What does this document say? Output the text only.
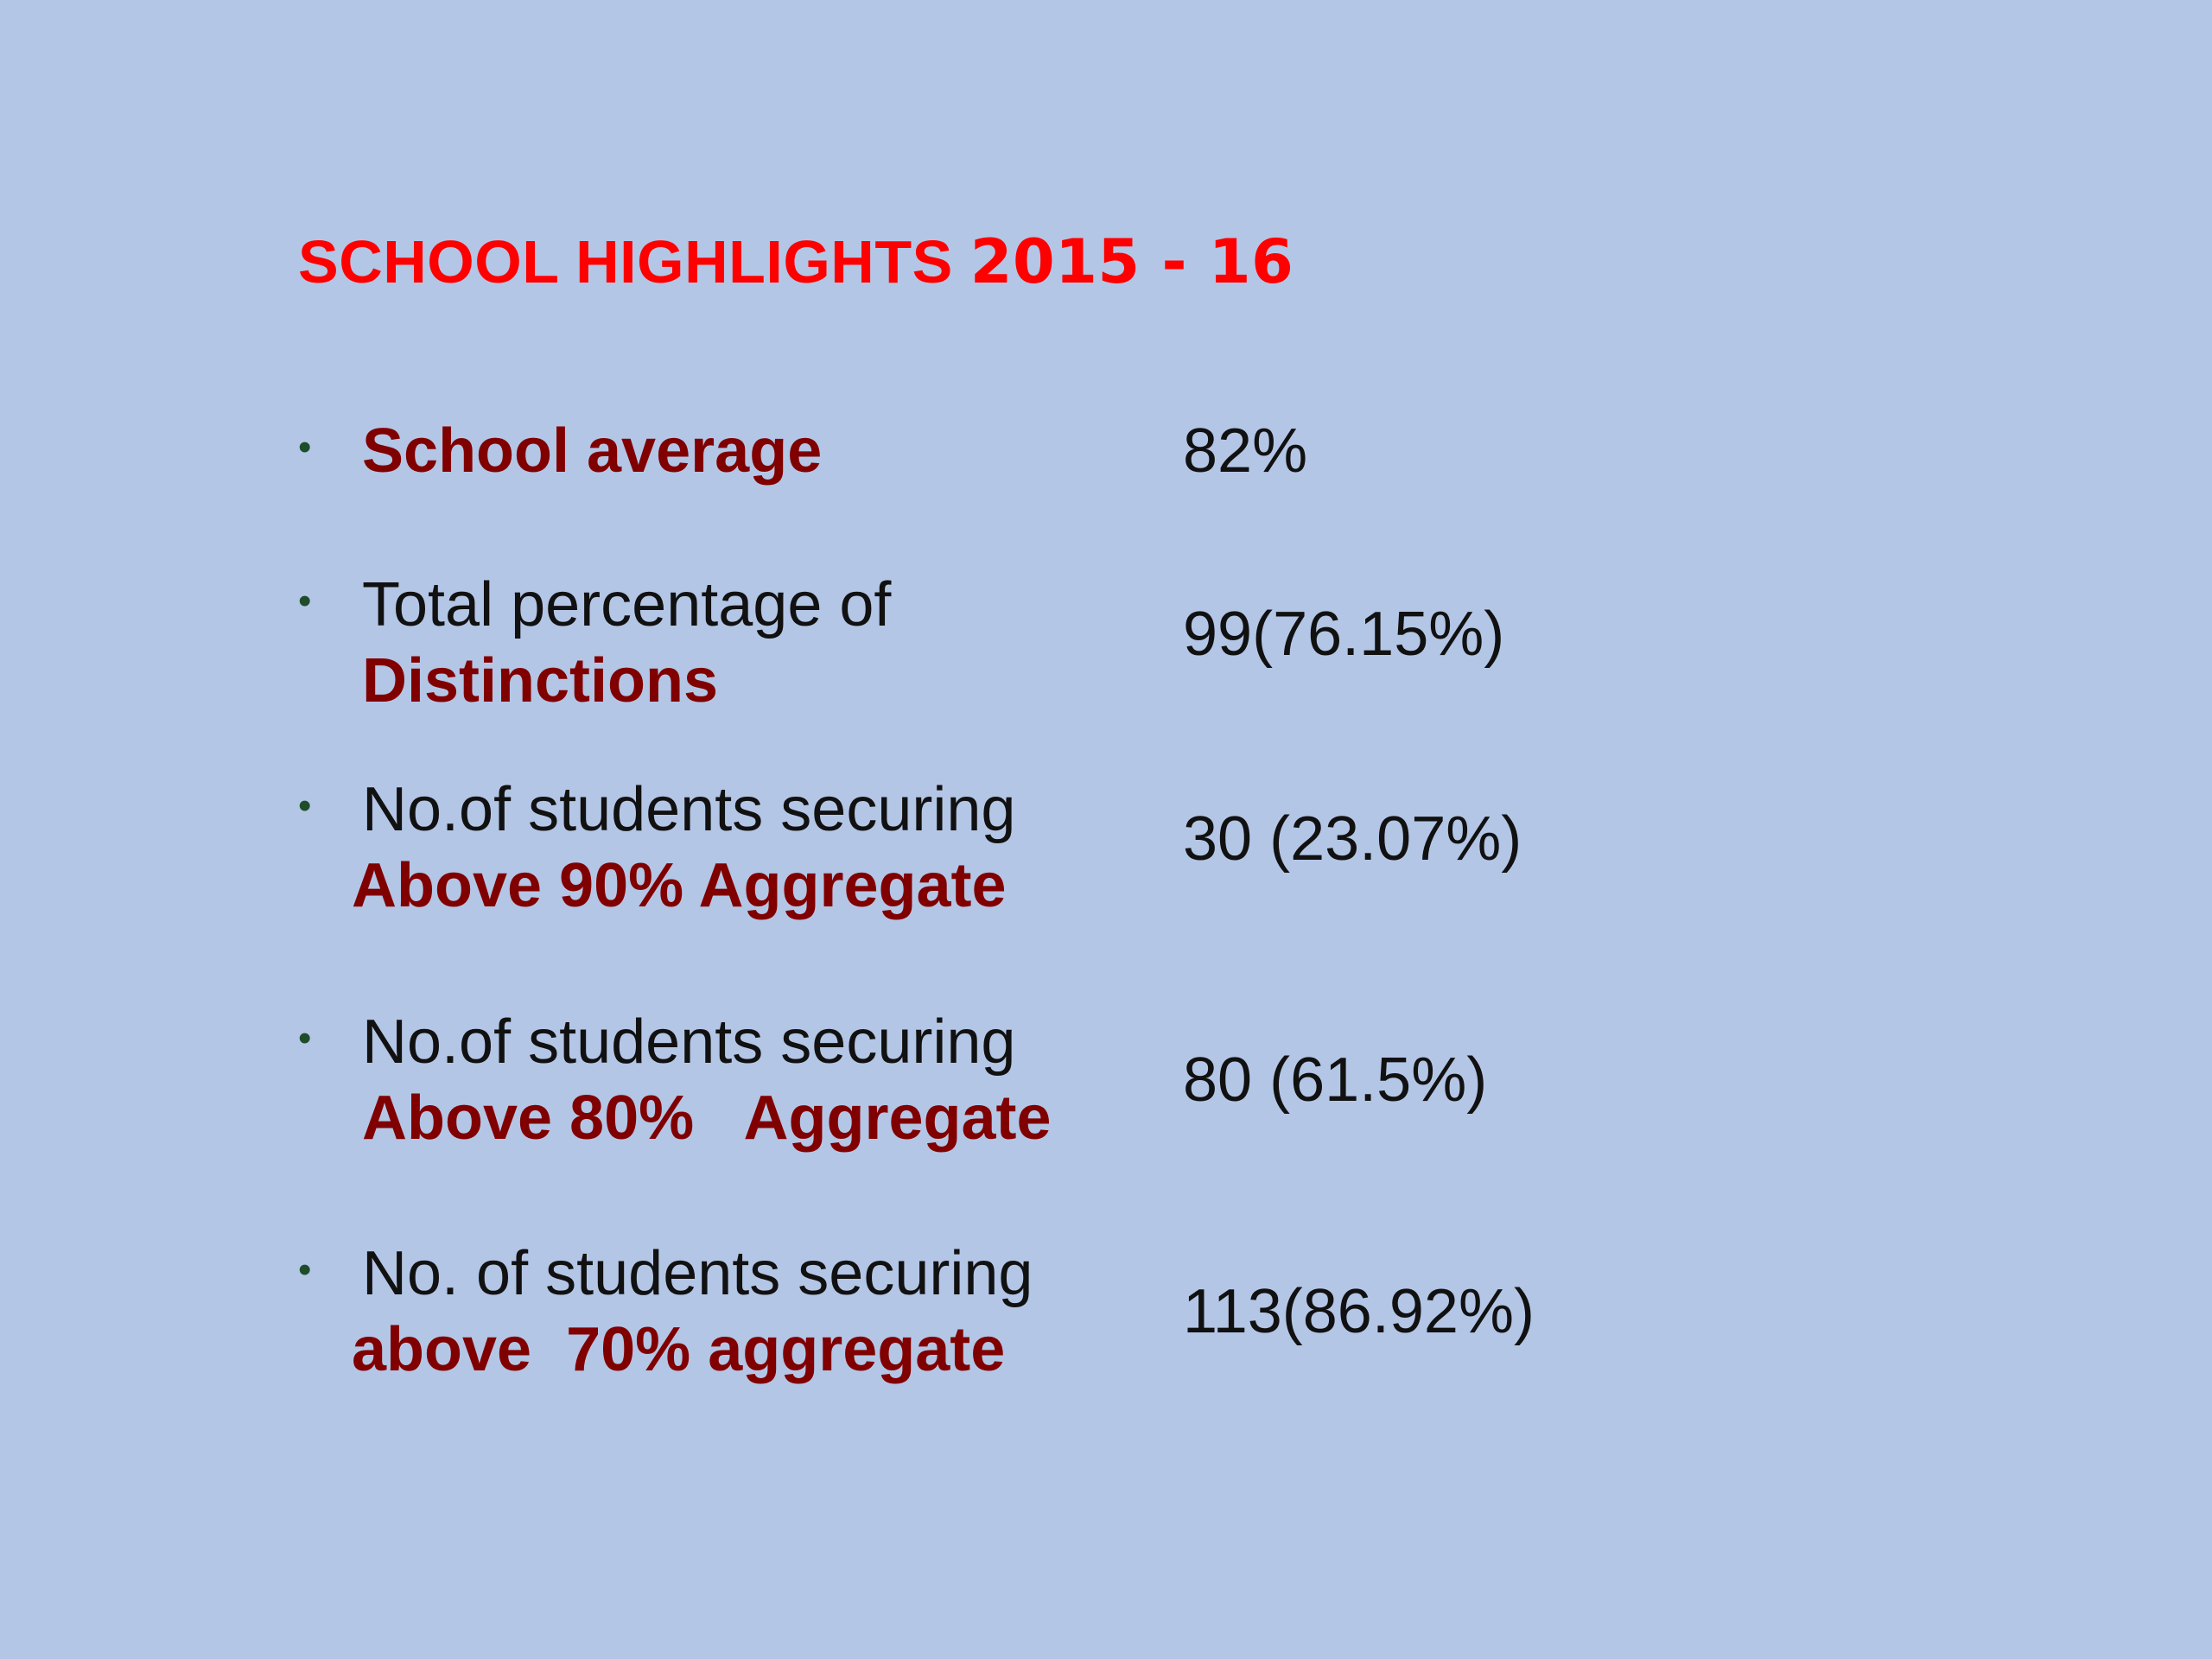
SCHOOL HIGHLIGHTS 2015 - 16
• School average	82%
• Total percentage of
Distinctions
99(76.15%)
• No.of students securing
Above 90% Aggregate
30 (23.07%)
• No.of students securing
Above 80%   Aggregate
80 (61.5%)
• No. of students securing
above  70% aggregate
113(86.92%)
